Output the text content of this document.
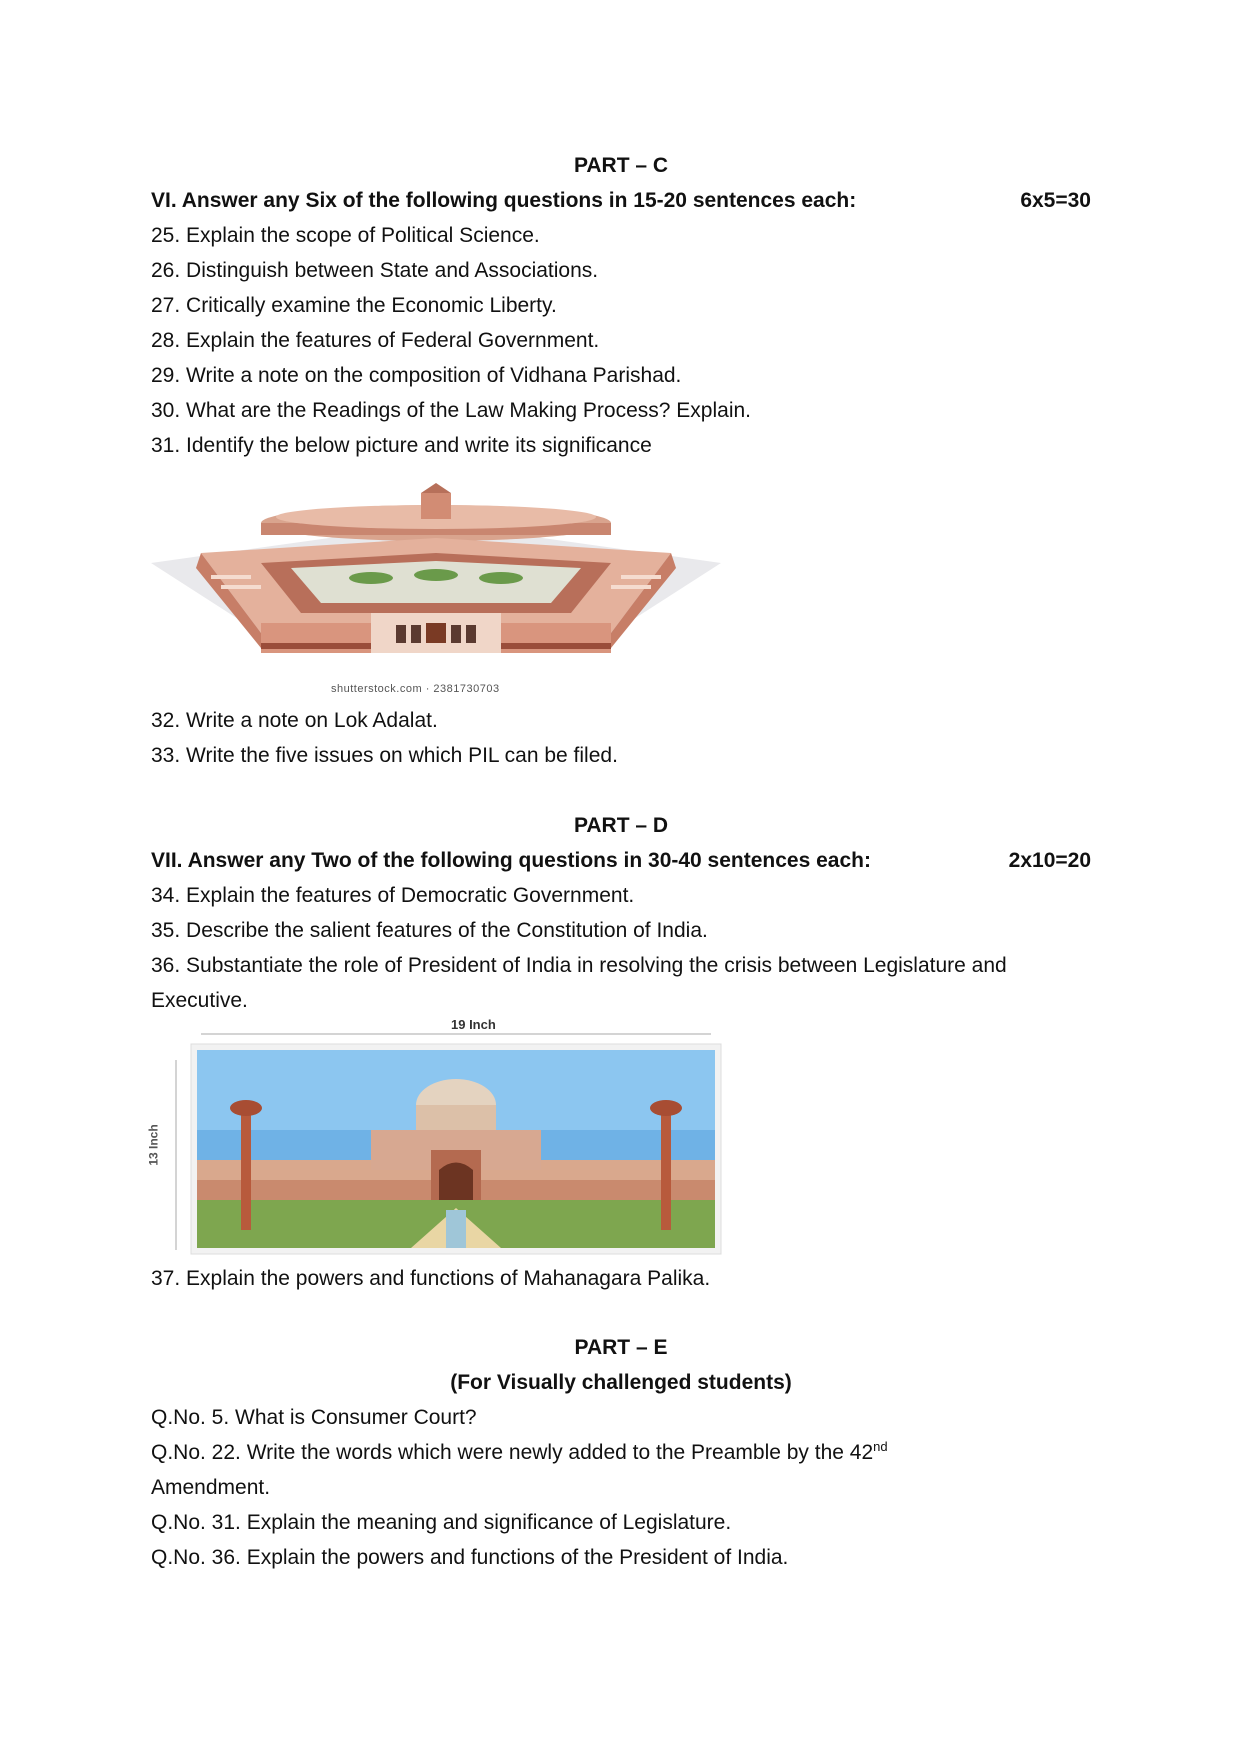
PART – C
VI. Answer any Six of the following questions in 15-20 sentences each:	6x5=30
25. Explain the scope of Political Science.
26. Distinguish between State and Associations.
27. Critically examine the Economic Liberty.
28. Explain the features of Federal Government.
29. Write a note on the composition of Vidhana Parishad.
30. What are the Readings of the Law Making Process? Explain.
31. Identify the below picture and write its significance
shutterstock.com · 2381730703
32. Write a note on Lok Adalat.
33. Write the five issues on which PIL can be filed.
PART – D
VII. Answer any Two of the following questions in 30-40 sentences each:	2x10=20
34. Explain the features of Democratic Government.
35. Describe the salient features of the Constitution of India.
36. Substantiate the role of President of India in resolving the crisis between Legislature and
Executive.
19 Inch
13 Inch
37. Explain the powers and functions of Mahanagara Palika.
PART – E
(For Visually challenged students)
Q.No. 5. What is Consumer Court?
Q.No. 22. Write the words which were newly added to the Preamble by the 42nd
Amendment.
Q.No. 31. Explain the meaning and significance of Legislature.
Q.No. 36. Explain the powers and functions of the President of India.
